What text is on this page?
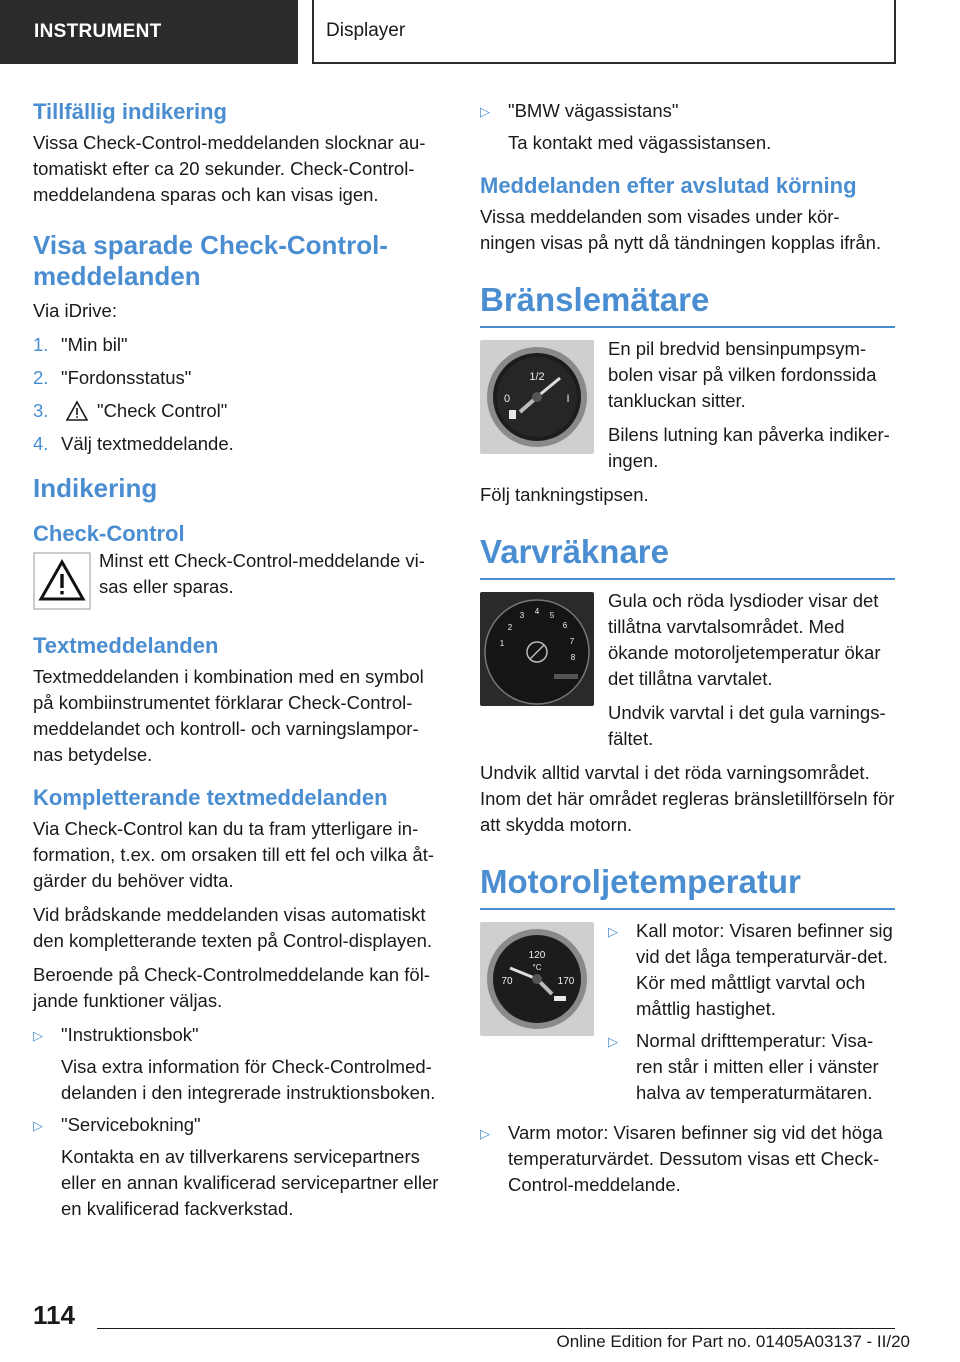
INSTRUMENT	Displayer
Tillfällig indikering

Vissa Check-Control-meddelanden slocknar au-tomatiskt efter ca 20 sekunder. Check-Control-meddelandena sparas och kan visas igen.

Visa sparade Check-Control-meddelanden

Via iDrive:

1. "Min bil"
2. "Fordonsstatus"
3.	"Check Control"
4. Välj textmeddelande.
Indikering
Check-Control

Minst ett Check-Control-meddelande vi-sas eller sparas.

Textmeddelanden

Textmeddelanden i kombination med en symbol på kombiinstrumentet förklarar Check-Control-meddelandet och kontroll- och varningslampor-nas betydelse.

Kompletterande textmeddelanden

Via Check-Control kan du ta fram ytterligare in-formation, t.ex. om orsaken till ett fel och vilka åt-gärder du behöver vidta.

Vid brådskande meddelanden visas automatiskt den kompletterande texten på Control-displayen.

Beroende på Check-Controlmeddelande kan föl-jande funktioner väljas.

▷ "Instruktionsbok"
Visa extra information för Check-Controlmed-delanden i den integrerade instruktionsboken.
▷ "Servicebokning"
Kontakta en av tillverkarens servicepartners eller en annan kvalificerad servicepartner eller en kvalificerad fackverkstad.
▷ "BMW vägassistans"
Ta kontakt med vägassistansen.
Meddelanden efter avslutad körning

Vissa meddelanden som visades under kör-ningen visas på nytt då tändningen kopplas ifrån.

Bränslemätare
1/2
0	I

En pil bredvid bensinpumpsym-bolen visar på vilken fordonssida tankluckan sitter.

Bilens lutning kan påverka indiker-ingen.

Följ tankningstipsen.

Varvräknare
2
3 4 5
6
7
8
1

Gula och röda lysdioder visar det tillåtna varvtalsområdet. Med ökande motoroljetemperatur ökar det tillåtna varvtalet.

Undvik varvtal i det gula varnings-fältet.

Undvik alltid varvtal i det röda varningsområdet. Inom det här området regleras bränsletillförseln för att skydda motorn.

Motoroljetemperatur
120
°C
70	170
▷ Kall motor: Visaren befinner sig vid det låga temperaturvär-det. Kör med måttligt varvtal och måttlig hastighet.
▷ Normal drifttemperatur: Visa-ren står i mitten eller i vänster halva av temperaturmätaren.
▷ Varm motor: Visaren befinner sig vid det höga temperaturvärdet. Dessutom visas ett Check-Control-meddelande.
114
Online Edition for Part no. 01405A03137 - II/20
